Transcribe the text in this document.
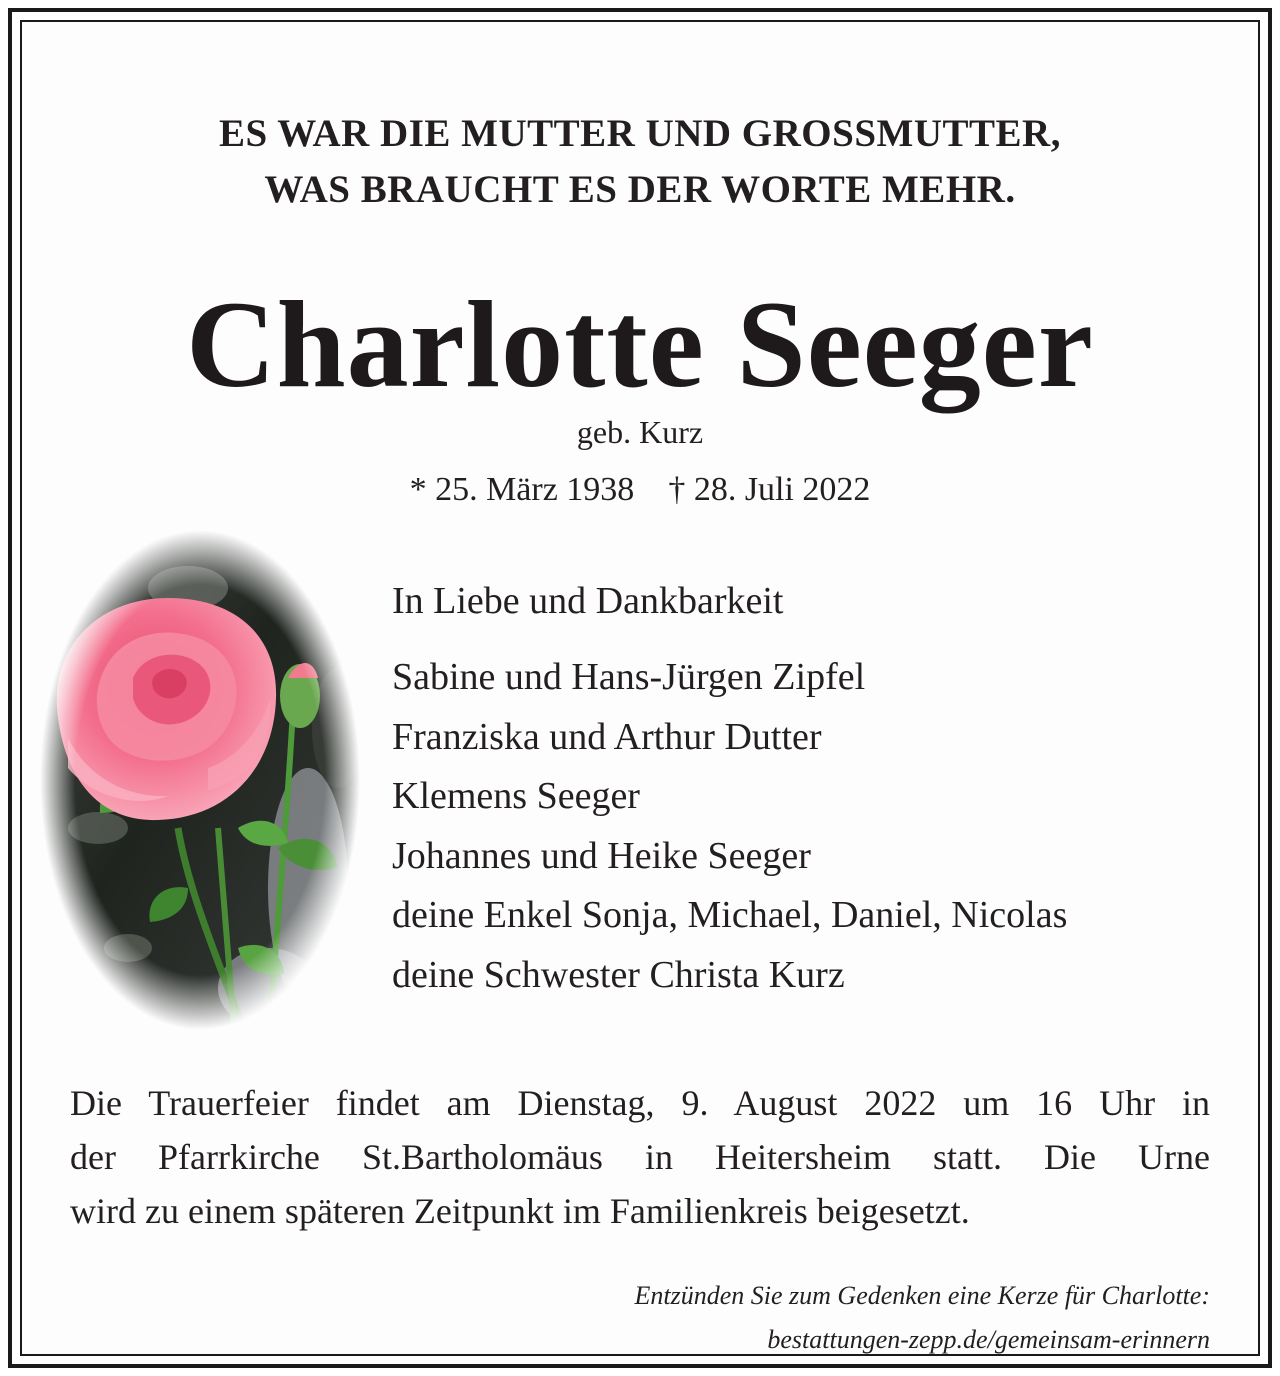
ES WAR DIE MUTTER UND GROSSMUTTER,
WAS BRAUCHT ES DER WORTE MEHR.
Charlotte Seeger
geb. Kurz
* 25. März 1938 † 28. Juli 2022
In Liebe und Dankbarkeit
Sabine und Hans-Jürgen Zipfel
Franziska und Arthur Dutter
Klemens Seeger
Johannes und Heike Seeger
deine Enkel Sonja, Michael, Daniel, Nicolas
deine Schwester Christa Kurz
Die Trauerfeier findet am Dienstag, 9. August 2022 um 16 Uhr in
der Pfarrkirche St.Bartholomäus in Heitersheim statt. Die Urne
wird zu einem späteren Zeitpunkt im Familienkreis beigesetzt.
Entzünden Sie zum Gedenken eine Kerze für Charlotte:
bestattungen-zepp.de/gemeinsam-erinnern
